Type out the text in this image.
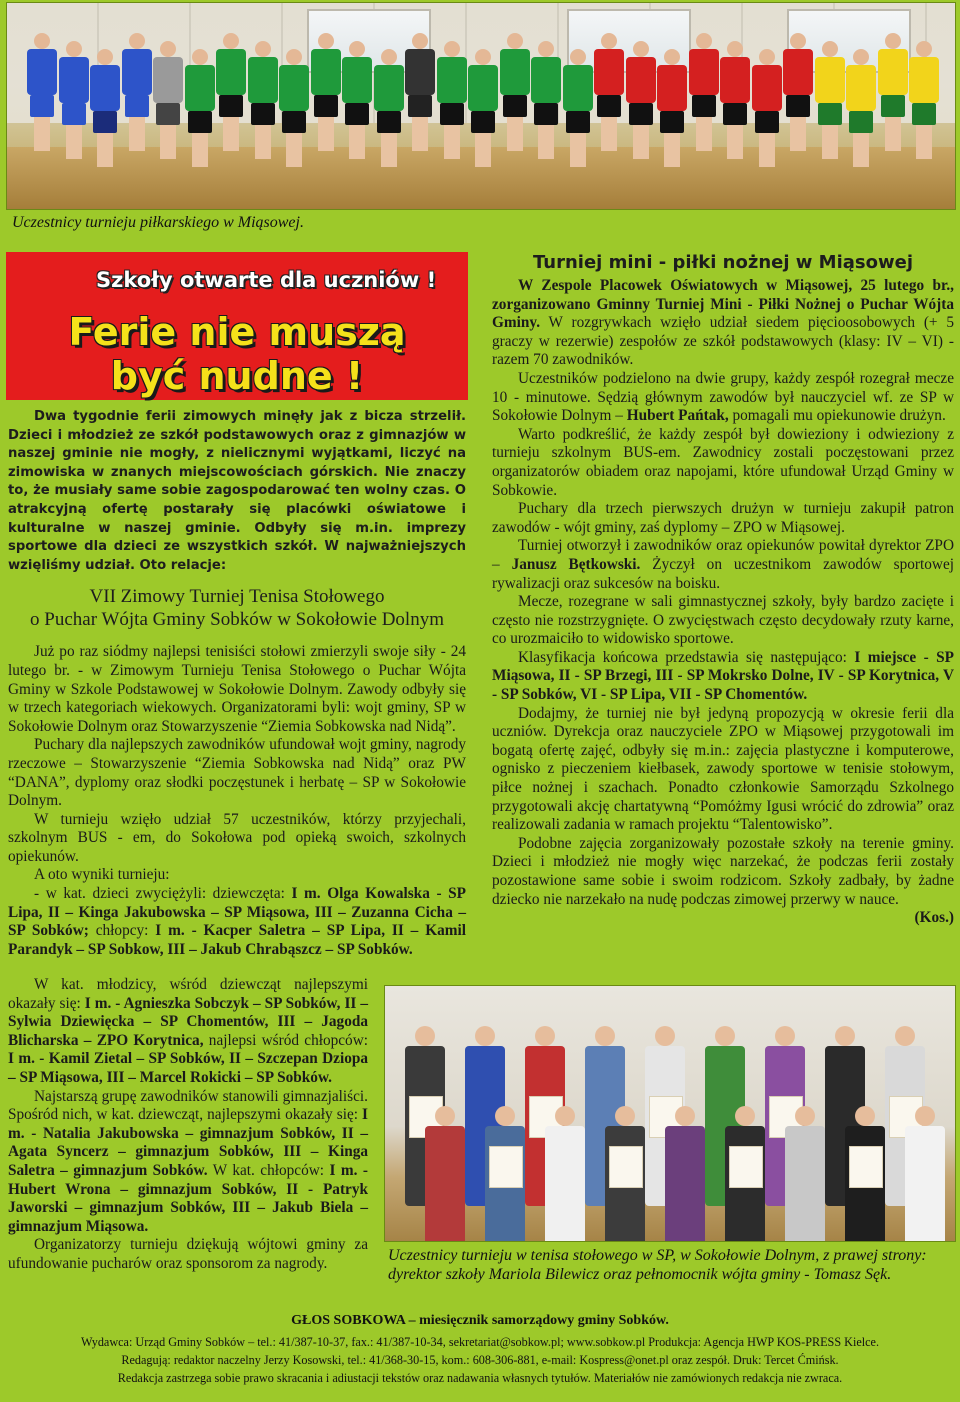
Uczestnicy turnieju piłkarskiego w Miąsowej.
Szkoły otwarte dla uczniów !
Ferie nie muszą
być nudne !

Dwa tygodnie ferii zimowych minęły jak z bicza strzelił. Dzieci i młodzież ze szkół podstawowych oraz z gimnazjów w naszej gminie nie mogły, z nielicznymi wyjątkami, liczyć na zimowiska w znanych miejscowościach górskich. Nie znaczy to, że musiały same sobie zagospodarować ten wolny czas. O atrakcyjną ofertę postarały się placówki oświatowe i kulturalne w naszej gminie. Odbyły się m.in. imprezy sportowe dla dzieci ze wszystkich szkół. W najważniejszych wzięliśmy udział. Oto relacje:

VII Zimowy Turniej Tenisa Stołowego
o Puchar Wójta Gminy Sobków w Sokołowie Dolnym

Już po raz siódmy najlepsi tenisiści stołowi zmierzyli swoje siły - 24 lutego br. - w Zimowym Turnieju Tenisa Stołowego o Puchar Wójta Gminy w Szkole Podstawowej w Sokołowie Dolnym. Zawody odbyły się w trzech kategoriach wiekowych. Organizatorami byli: wojt gminy, SP w Sokołowie Dolnym oraz Stowarzyszenie “Ziemia Sobkowska nad Nidą”.

Puchary dla najlepszych zawodników ufundował wojt gminy, nagrody rzeczowe – Stowarzyszenie “Ziemia Sobkowska nad Nidą” oraz PW “DANA”, dyplomy oraz słodki poczęstunek i herbatę – SP w Sokołowie Dolnym.

W turnieju wzięło udział 57 uczestników, którzy przyjechali, szkolnym BUS - em, do Sokołowa pod opieką swoich, szkolnych opiekunów.

A oto wyniki turnieju:

- w kat. dzieci zwyciężyli: dziewczęta: I m. Olga Kowalska - SP Lipa, II – Kinga Jakubowska – SP Miąsowa, III – Zuzanna Cicha – SP Sobków; chłopcy: I m. - Kacper Saletra – SP Lipa, II – Kamil Parandyk – SP Sobkow, III – Jakub Chrabąszcz – SP Sobków.

W kat. młodzicy, wśród dziewcząt najlepszymi okazały się: I m. - Agnieszka Sobczyk – SP Sobków, II – Sylwia Dziewięcka – SP Chomentów, III – Jagoda Blicharska – ZPO Korytnica, najlepsi wśród chłopców: I m. - Kamil Zietal – SP Sobków, II – Szczepan Dziopa – SP Miąsowa, III – Marcel Rokicki – SP Sobków.

Najstarszą grupę zawodników stanowili gimnazjaliści. Spośród nich, w kat. dziewcząt, najlepszymi okazały się: I m. - Natalia Jakubowska – gimnazjum Sobków, II – Agata Syncerz – gimnazjum Sobków, III – Kinga Saletra – gimnazjum Sobków. W kat. chłopców: I m. - Hubert Wrona – gimnazjum Sobków, II - Patryk Jaworski – gimnazjum Sobków, III – Jakub Biela – gimnazjum Miąsowa.

Organizatorzy turnieju dziękują wójtowi gminy za ufundowanie pucharów oraz sponsorom za nagrody.

Turniej mini - piłki nożnej w Miąsowej

W Zespole Placowek Oświatowych w Miąsowej, 25 lutego br., zorganizowano Gminny Turniej Mini - Piłki Nożnej o Puchar Wójta Gminy. W rozgrywkach wzięło udział siedem pięcioosobowych (+ 5 graczy w rezerwie) zespołów ze szkół podstawowych (klasy: IV – VI) - razem 70 zawodników.

Uczestników podzielono na dwie grupy, każdy zespół rozegrał mecze 10 - minutowe. Sędzią głównym zawodów był nauczyciel wf. ze SP w Sokołowie Dolnym – Hubert Pańtak, pomagali mu opiekunowie drużyn.

Warto podkreślić, że każdy zespół był dowieziony i odwieziony z turnieju szkolnym BUS-em. Zawodnicy zostali poczęstowani przez organizatorów obiadem oraz napojami, które ufundował Urząd Gminy w Sobkowie.

Puchary dla trzech pierwszych drużyn w turnieju zakupił patron zawodów - wójt gminy, zaś dyplomy – ZPO w Miąsowej.

Turniej otworzył i zawodników oraz opiekunów powitał dyrektor ZPO – Janusz Bętkowski. Życzył on uczestnikom zawodów sportowej rywalizacji oraz sukcesów na boisku.

Mecze, rozegrane w sali gimnastycznej szkoły, były bardzo zacięte i często nie rozstrzygnięte. O zwycięstwach często decydowały rzuty karne, co urozmaiciło to widowisko sportowe.

Klasyfikacja końcowa przedstawia się następująco: I miejsce - SP Miąsowa, II - SP Brzegi, III - SP Mokrsko Dolne, IV - SP Korytnica, V - SP Sobków, VI - SP Lipa, VII - SP Chomentów.

Dodajmy, że turniej nie był jedyną propozycją w okresie ferii dla uczniów. Dyrekcja oraz nauczyciele ZPO w Miąsowej przygotowali im bogatą ofertę zajęć, odbyły się m.in.: zajęcia plastyczne i komputerowe, ognisko z pieczeniem kiełbasek, zawody sportowe w tenisie stołowym, piłce nożnej i szachach. Ponadto członkowie Samorządu Szkolnego przygotowali akcję chartatywną “Pomóżmy Igusi wrócić do zdrowia” oraz realizowali zadania w ramach projektu “Talentowisko”.

Podobne zajęcia zorganizowały pozostałe szkoły na terenie gminy. Dzieci i młodzież nie mogły więc narzekać, że podczas ferii zostały pozostawione same sobie i swoim rodzicom. Szkoły zadbały, by żadne dziecko nie narzekało na nudę podczas zimowej przerwy w nauce.
(Kos.)

Uczestnicy turnieju w tenisa stołowego w SP, w Sokołowie Dolnym, z prawej strony: dyrektor szkoły Mariola Bilewicz oraz pełnomocnik wójta gminy - Tomasz Sęk.
GŁOS SOBKOWA – miesięcznik samorządowy gminy Sobków.
Wydawca: Urząd Gminy Sobków – tel.: 41/387-10-37, fax.: 41/387-10-34, sekretariat@sobkow.pl; www.sobkow.pl Produkcja: Agencja HWP KOS-PRESS Kielce.
Redagują: redaktor naczelny Jerzy Kosowski, tel.: 41/368-30-15, kom.: 608-306-881, e-mail: Kospress@onet.pl oraz zespół. Druk: Tercet Ćmińsk.
Redakcja zastrzega sobie prawo skracania i adiustacji tekstów oraz nadawania własnych tytułów. Materiałów nie zamówionych redakcja nie zwraca.
